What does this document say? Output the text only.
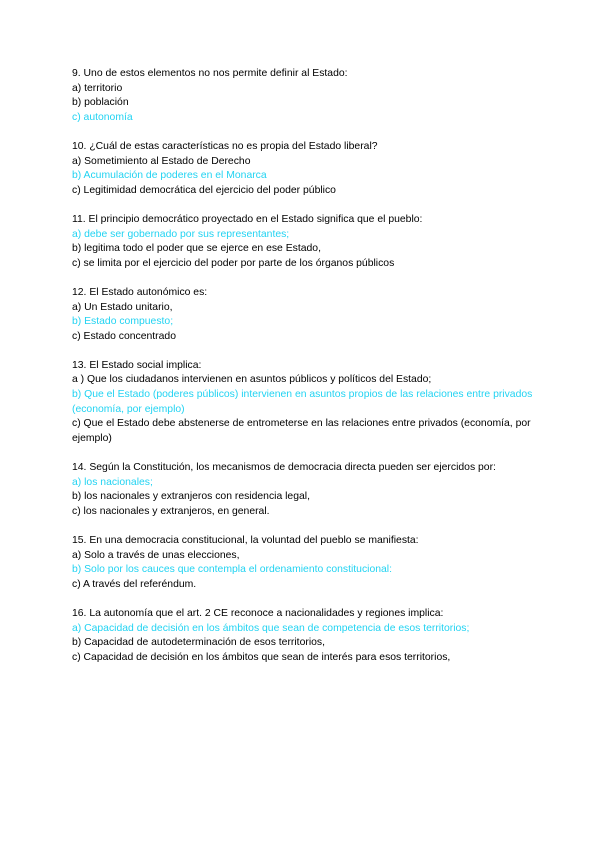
9. Uno de estos elementos no nos permite definir al Estado:
a) territorio
b) población
c) autonomía
10. ¿Cuál de estas características no es propia del Estado liberal?
a) Sometimiento al Estado de Derecho
b) Acumulación de poderes en el Monarca
c) Legitimidad democrática del ejercicio del poder público
11. El principio democrático proyectado en el Estado significa que el pueblo:
a) debe ser gobernado por sus representantes;
b) legitima todo el poder que se ejerce en ese Estado,
c) se limita por el ejercicio del poder por parte de los órganos públicos
12. El Estado autonómico es:
a) Un Estado unitario,
b) Estado compuesto;
c) Estado concentrado
13. El Estado social implica:
a ) Que los ciudadanos intervienen en asuntos públicos y políticos del Estado;
b) Que el Estado (poderes públicos) intervienen en asuntos propios de las relaciones entre privados (economía, por ejemplo)
c) Que el Estado debe abstenerse de entrometerse en las relaciones entre privados (economía, por ejemplo)
14. Según la Constitución, los mecanismos de democracia directa pueden ser ejercidos por:
a) los nacionales;
b) los nacionales y extranjeros con residencia legal,
c) los nacionales y extranjeros, en general.
15. En una democracia constitucional, la voluntad del pueblo se manifiesta:
a) Solo a través de unas elecciones,
b) Solo por los cauces que contempla el ordenamiento constitucional:
c) A través del referéndum.
16. La autonomía que el art. 2 CE reconoce a nacionalidades y regiones implica:
a) Capacidad de decisión en los ámbitos que sean de competencia de esos territorios;
b) Capacidad de autodeterminación de esos territorios,
c) Capacidad de decisión en los ámbitos que sean de interés para esos territorios,
